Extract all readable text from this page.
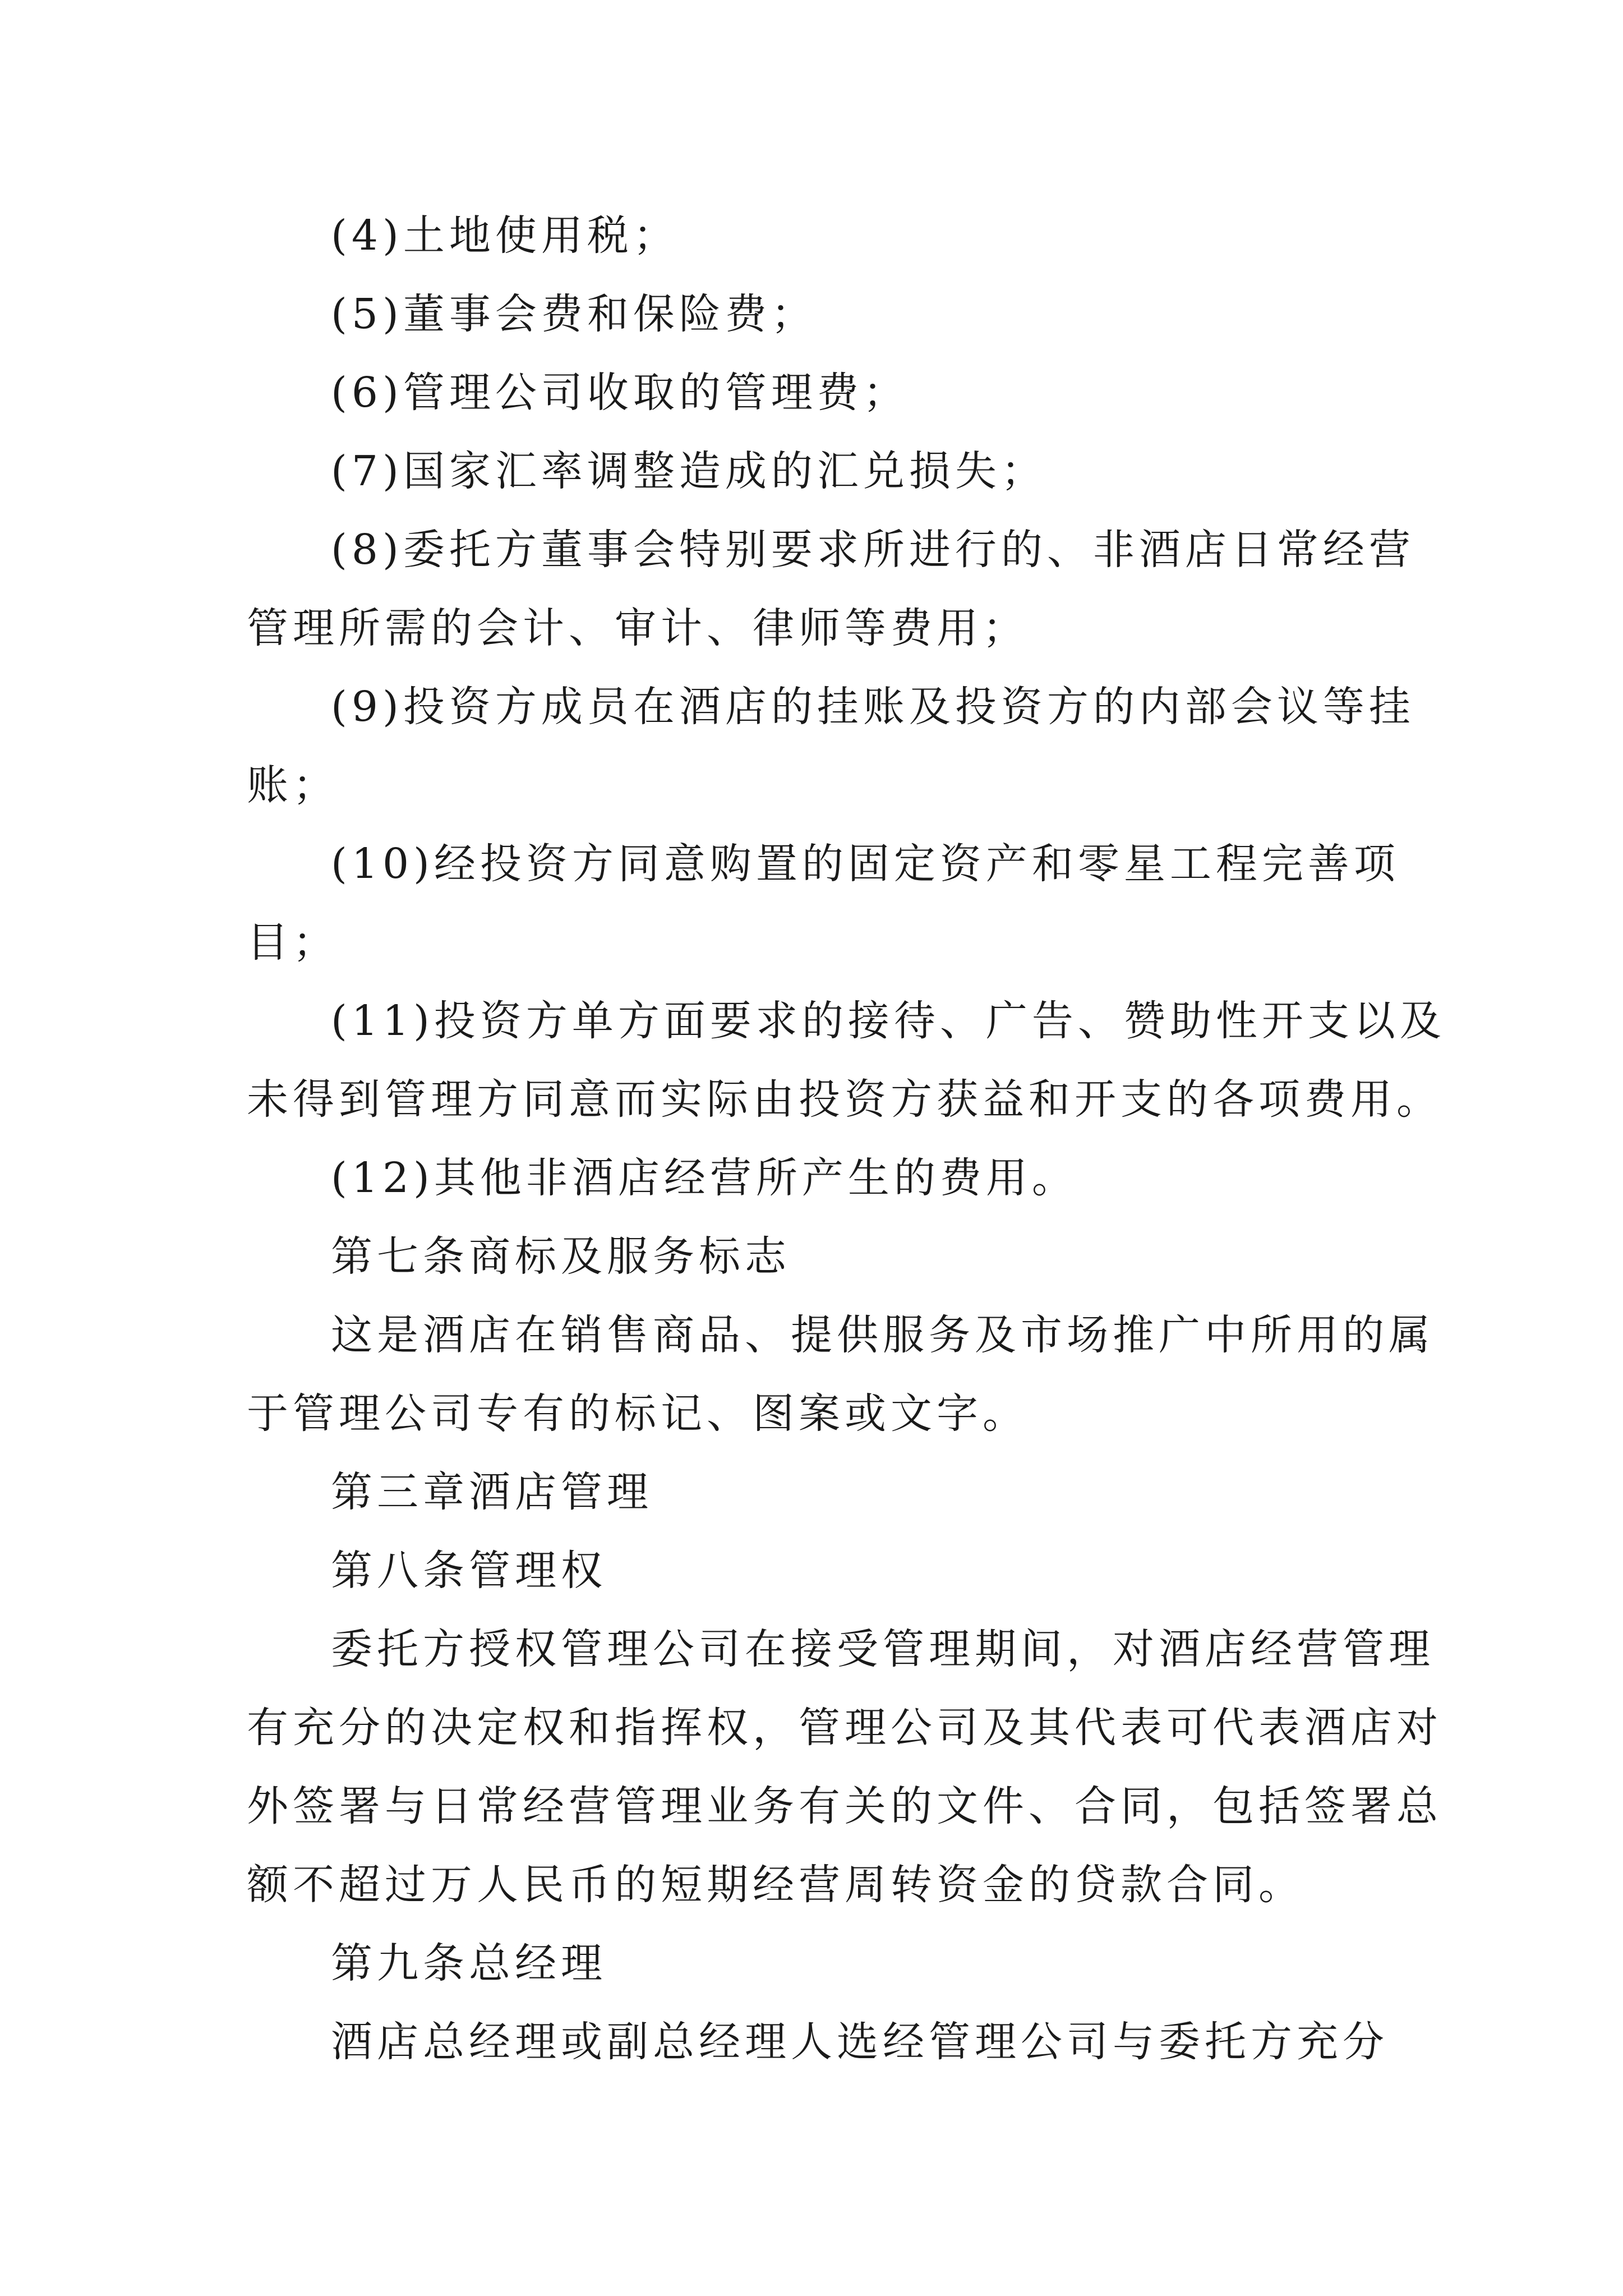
(4)土地使用税；
(5)董事会费和保险费；
(6)管理公司收取的管理费；
(7)国家汇率调整造成的汇兑损失；
(8)委托方董事会特别要求所进行的、非酒店日常经营
管理所需的会计、审计、律师等费用；
(9)投资方成员在酒店的挂账及投资方的内部会议等挂
账；
(10)经投资方同意购置的固定资产和零星工程完善项
目；
(11)投资方单方面要求的接待、广告、赞助性开支以及
未得到管理方同意而实际由投资方获益和开支的各项费用。
(12)其他非酒店经营所产生的费用。
第七条商标及服务标志
这是酒店在销售商品、提供服务及市场推广中所用的属
于管理公司专有的标记、图案或文字。
第三章酒店管理
第八条管理权
委托方授权管理公司在接受管理期间，对酒店经营管理
有充分的决定权和指挥权，管理公司及其代表可代表酒店对
外签署与日常经营管理业务有关的文件、合同，包括签署总
额不超过万人民币的短期经营周转资金的贷款合同。
第九条总经理
酒店总经理或副总经理人选经管理公司与委托方充分
